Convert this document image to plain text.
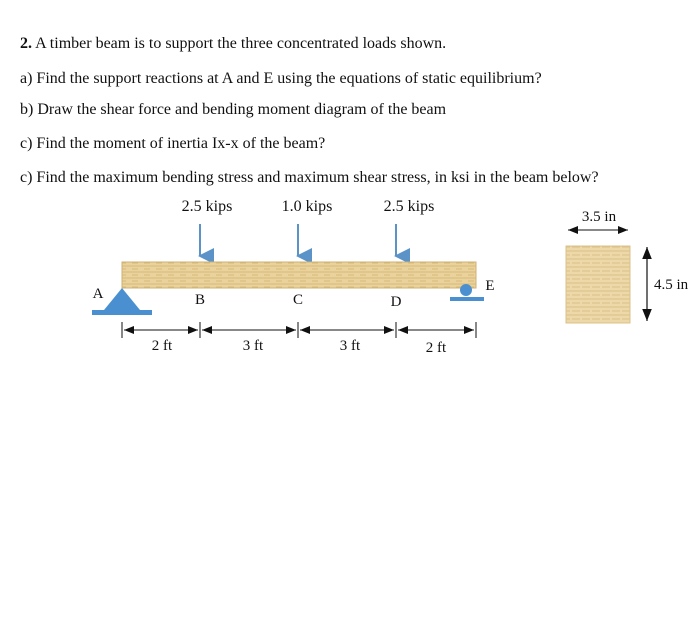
2. A timber beam is to support the three concentrated loads shown.
a) Find the support reactions at A and E using the equations of static equilibrium?
b) Draw the shear force and bending moment diagram of the beam
c) Find the moment of inertia Ix-x of the beam?
c) Find the maximum bending stress and maximum shear stress, in ksi in the beam below?
2.5 kips	1.0 kips	2.5 kips
A	B	C	D
E
2 ft	3 ft	3 ft	2 ft
3.5 in
4.5 in
